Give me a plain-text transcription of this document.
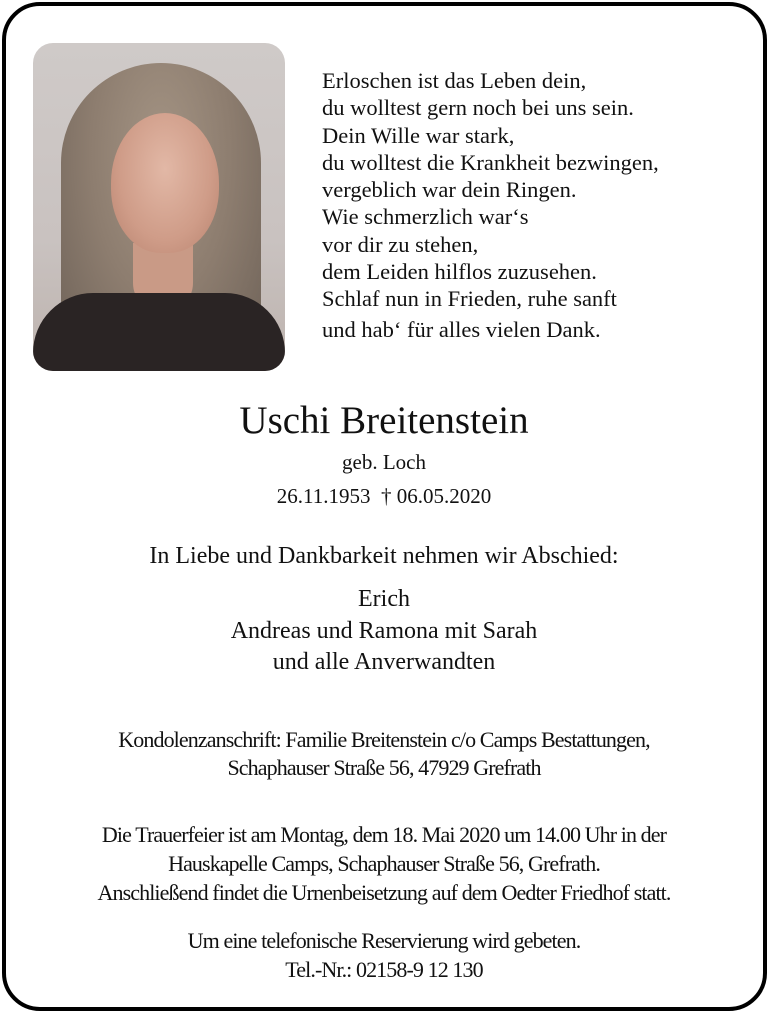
Erloschen ist das Leben dein,
du wolltest gern noch bei uns sein.
Dein Wille war stark,
du wolltest die Krankheit bezwingen,
vergeblich war dein Ringen.
Wie schmerzlich war‘s
vor dir zu stehen,
dem Leiden hilflos zuzusehen.
Schlaf nun in Frieden, ruhe sanft
und hab‘ für alles vielen Dank.
Uschi Breitenstein
geb. Loch
26.11.1953  † 06.05.2020
In Liebe und Dankbarkeit nehmen wir Abschied:
Erich
Andreas und Ramona mit Sarah
und alle Anverwandten
Kondolenzanschrift: Familie Breitenstein c/o Camps Bestattungen,
Schaphauser Straße 56, 47929 Grefrath
Die Trauerfeier ist am Montag, dem 18. Mai 2020 um 14.00 Uhr in der
Hauskapelle Camps, Schaphauser Straße 56, Grefrath.
Anschließend findet die Urnenbeisetzung auf dem Oedter Friedhof statt.
Um eine telefonische Reservierung wird gebeten.
Tel.-Nr.: 02158-9 12 130
